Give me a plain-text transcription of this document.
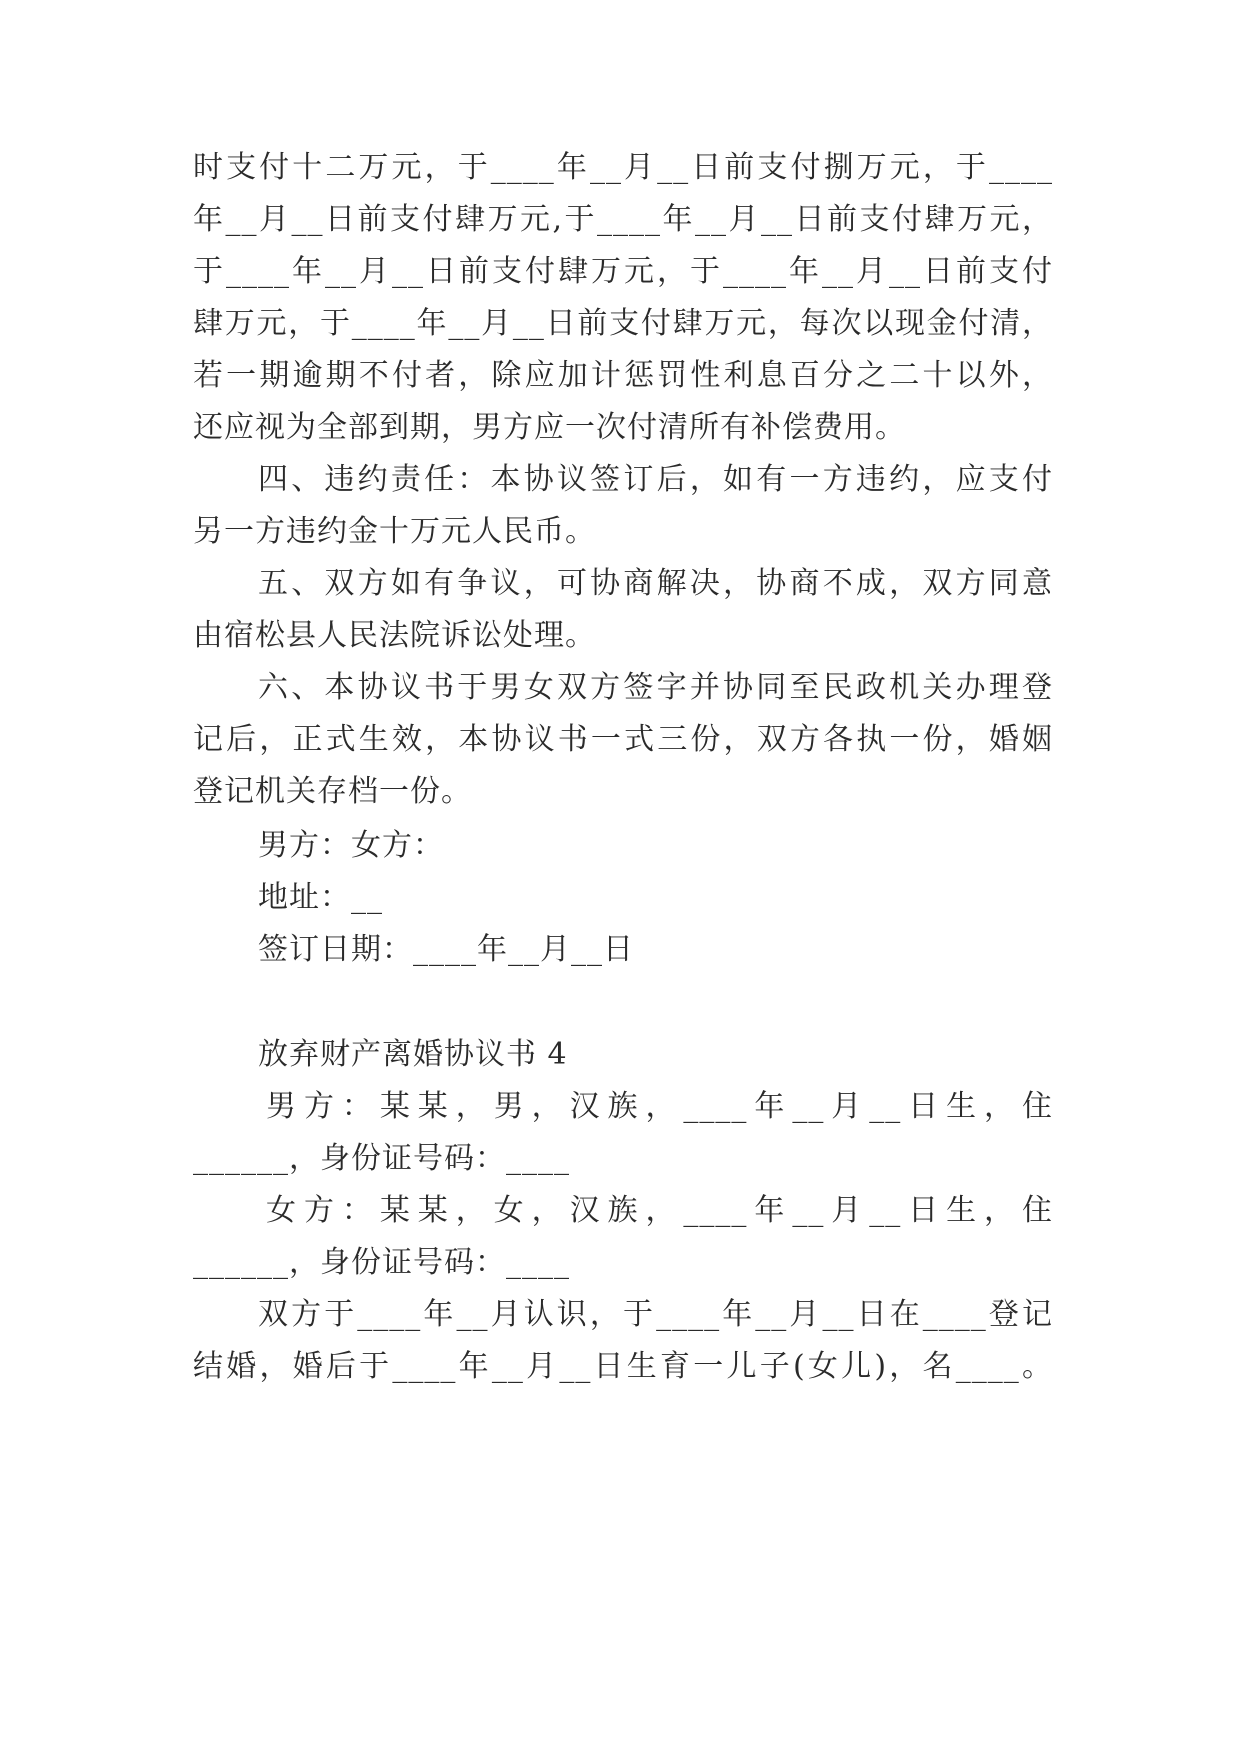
时支付十二万元，于____年__月__日前支付捌万元，于____
年__月__日前支付肆万元,于____年__月__日前支付肆万元，
于____年__月__日前支付肆万元，于____年__月__日前支付
肆万元，于____年__月__日前支付肆万元，每次以现金付清，
若一期逾期不付者，除应加计惩罚性利息百分之二十以外，
还应视为全部到期，男方应一次付清所有补偿费用。
四、违约责任：本协议签订后，如有一方违约，应支付
另一方违约金十万元人民币。
五、双方如有争议，可协商解决，协商不成，双方同意
由宿松县人民法院诉讼处理。
六、本协议书于男女双方签字并协同至民政机关办理登
记后，正式生效，本协议书一式三份，双方各执一份，婚姻
登记机关存档一份。
男方：女方：
地址：__
签订日期：____年__月__日
放弃财产离婚协议书 4
男方：某某，男，汉族，____年__月__日生，住
______，身份证号码：____
女方：某某，女，汉族，____年__月__日生，住
______，身份证号码：____
双方于____年__月认识，于____年__月__日在____登记
结婚，婚后于____年__月__日生育一儿子(女儿)，名____。
